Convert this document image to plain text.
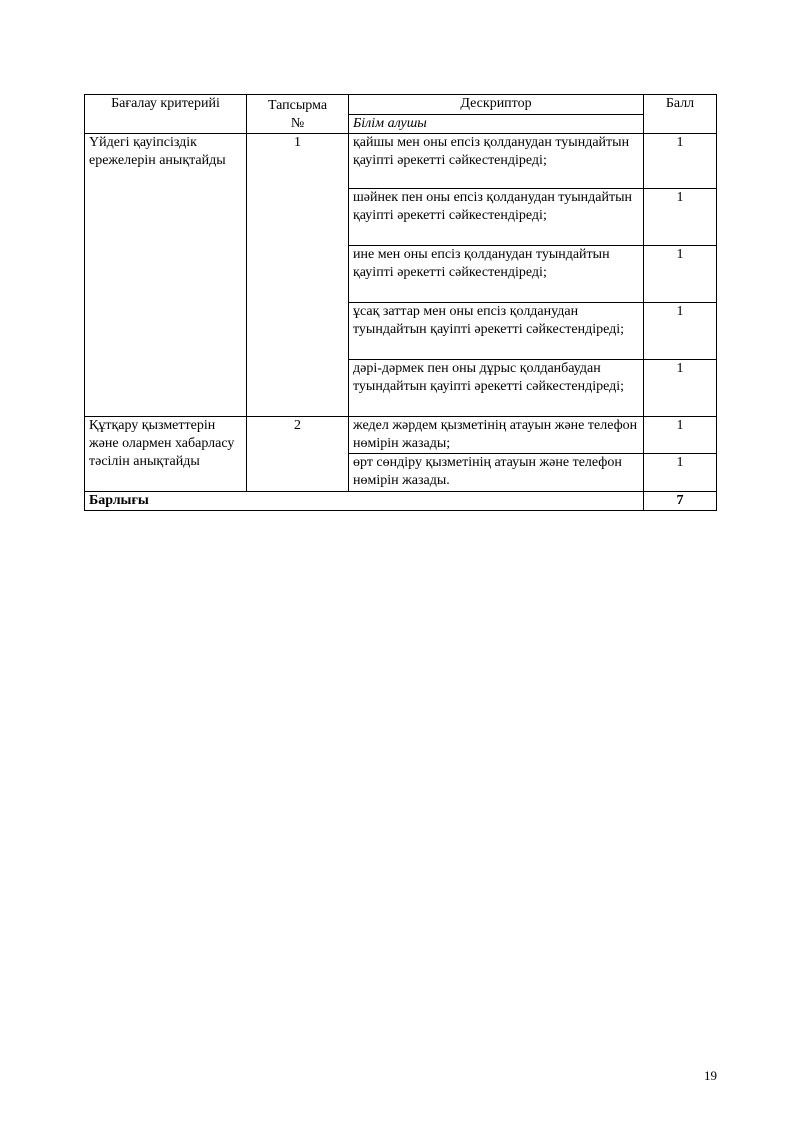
Бағалау критерийі	Тапсырма №	Дескриптор	Балл
		Білім алушы	
Үйдегі қауіпсіздік ережелерін анықтайды	1	қайшы мен оны епсіз қолданудан туындайтын қауіпті әрекетті сәйкестендіреді;	1
		шәйнек пен оны епсіз қолданудан туындайтын қауіпті әрекетті сәйкестендіреді;	1
		ине мен оны епсіз қолданудан туындайтын қауіпті әрекетті сәйкестендіреді;	1
		ұсақ заттар мен оны епсіз қолданудан туындайтын қауіпті әрекетті сәйкестендіреді;	1
		дәрі-дәрмек пен оны дұрыс қолданбаудан туындайтын қауіпті әрекетті сәйкестендіреді;	1
Құтқару қызметтерін және олармен хабарласу тәсілін анықтайды	2	жедел жәрдем қызметінің атауын және телефон нөмірін жазады;	1
		өрт сөндіру қызметінің атауын және телефон нөмірін жазады.	1
Барлығы			7
19
